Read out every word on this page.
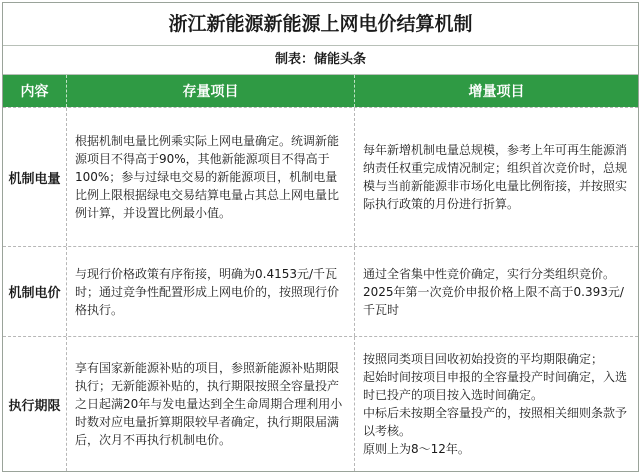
浙江新能源新能源上网电价结算机制
制表：储能头条
内容	存量项目	增量项目
机制电量
根据机制电量比例乘实际上网电量确定。统调新能源项目不得高于90%，其他新能源项目不得高于100%；参与过绿电交易的新能源项目，机制电量比例上限根据绿电交易结算电量占其总上网电量比例计算，并设置比例最小值。
每年新增机制电量总规模，参考上年可再生能源消纳责任权重完成情况制定；组织首次竞价时，总规模与当前新能源非市场化电量比例衔接，并按照实际执行政策的月份进行折算。
机制电价
与现行价格政策有序衔接，明确为0.4153元/千瓦时；通过竞争性配置形成上网电价的，按照现行价格执行。
通过全省集中性竞价确定，实行分类组织竞价。
2025年第一次竞价申报价格上限不高于0.393元/千瓦时
执行期限
享有国家新能源补贴的项目，参照新能源补贴期限执行；无新能源补贴的，执行期限按照全容量投产之日起满20年与发电量达到全生命周期合理利用小时数对应电量折算期限较早者确定，执行期限届满后，次月不再执行机制电价。
按照同类项目回收初始投资的平均期限确定；
起始时间按项目申报的全容量投产时间确定，入选时已投产的项目按入选时间确定。
中标后未按期全容量投产的，按照相关细则条款予以考核。
原则上为8～12年。
